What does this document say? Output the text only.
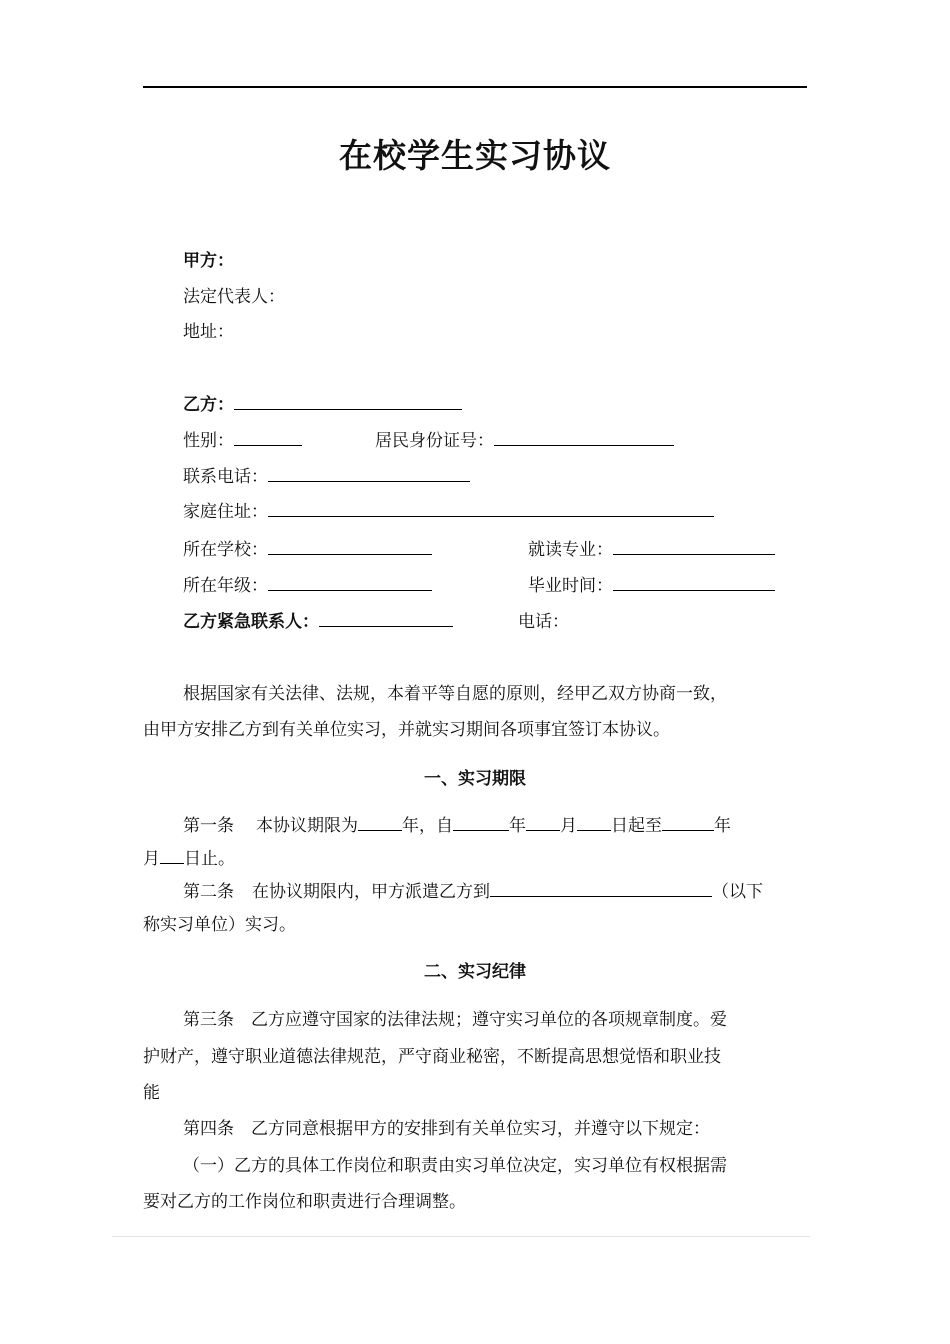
在校学生实习协议
甲方：
法定代表人：
地址：
乙方：
性别：	居民身份证号：
联系电话：
家庭住址：
所在学校：	就读专业：
所在年级：	毕业时间：
乙方紧急联系人：	电话：
根据国家有关法律、法规，本着平等自愿的原则，经甲乙双方协商一致，
由甲方安排乙方到有关单位实习，并就实习期间各项事宜签订本协议。
一、实习期限
第一条 本协议期限为	年，自	年 月 日起至	年
月 日止。
第二条 在协议期限内，甲方派遣乙方到	（以下
称实习单位）实习。
二、实习纪律
第三条　乙方应遵守国家的法律法规；遵守实习单位的各项规章制度。爱
护财产，遵守职业道德法律规范，严守商业秘密，不断提高思想觉悟和职业技
能
第四条　乙方同意根据甲方的安排到有关单位实习，并遵守以下规定：
（一）乙方的具体工作岗位和职责由实习单位决定，实习单位有权根据需
要对乙方的工作岗位和职责进行合理调整。
